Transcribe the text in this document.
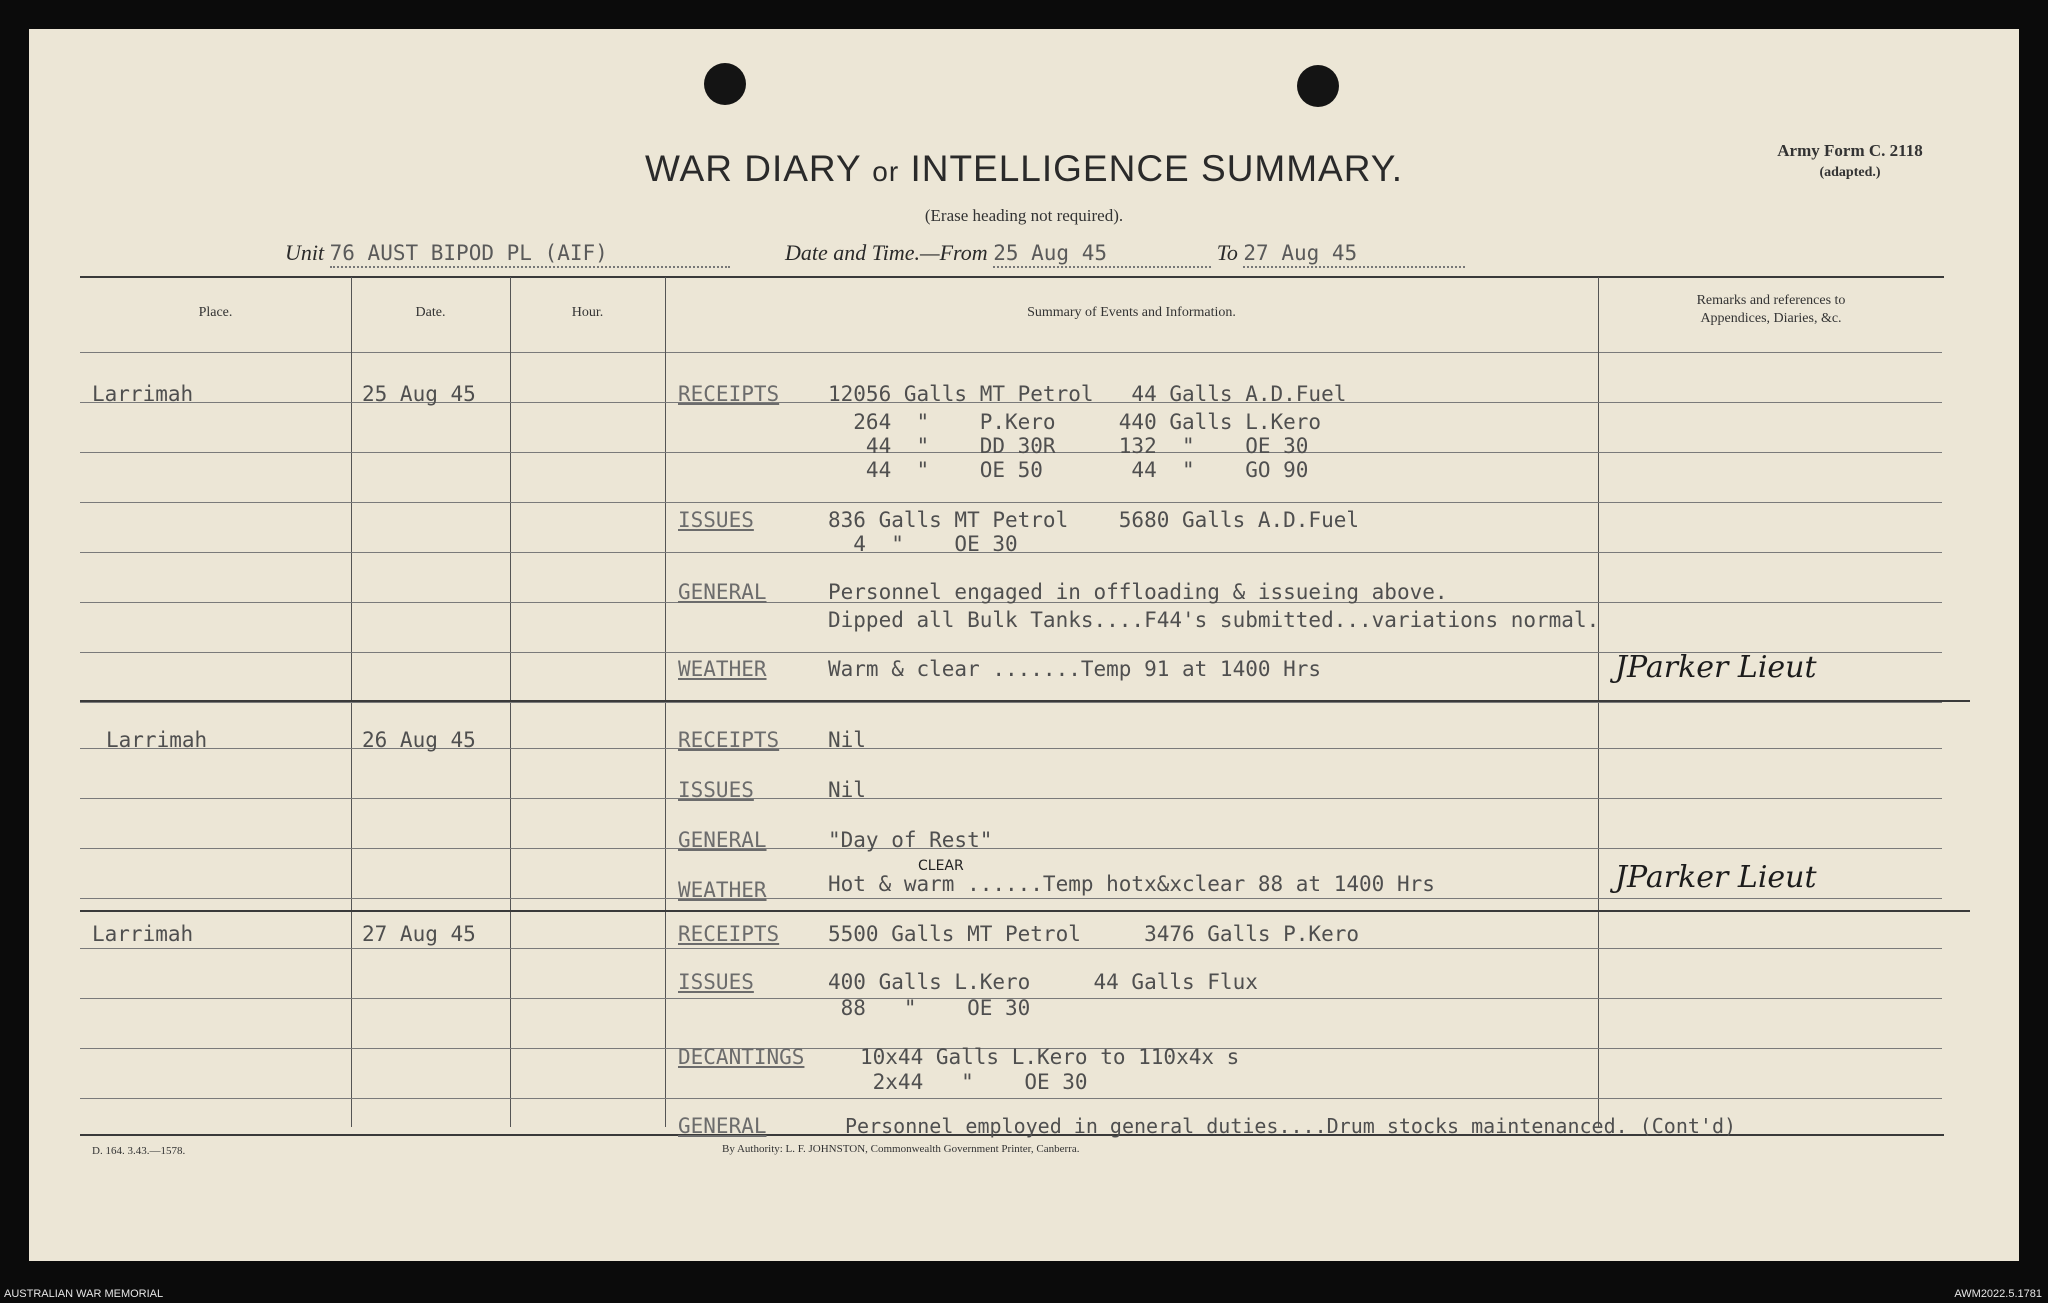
WAR DIARY or INTELLIGENCE SUMMARY.
(Erase heading not required).
Army Form C. 2118
(adapted.)
Unit 76 AUST BIPOD PL (AIF)	Date and Time.—From 25 Aug 45	To 27 Aug 45
Place.	Date.	Hour.	Summary of Events and Information.
Remarks and references to
Appendices, Diaries, &c.
Larrimah	25 Aug 45	RECEIPTS 12056 Galls MT Petrol   44 Galls A.D.Fuel
264  "    P.Kero     440 Galls L.Kero
44  "    DD 30R     132  "    OE 30
44  "    OE 50       44  "    GO 90
ISSUES	836 Galls MT Petrol    5680 Galls A.D.Fuel
4  "    OE 30
GENERAL	Personnel engaged in offloading & issueing above.
Dipped all Bulk Tanks....F44's submitted...variations normal.
WEATHER	Warm & clear .......Temp 91 at 1400 Hrs	JParker Lieut
Larrimah	26 Aug 45	RECEIPTS Nil
ISSUES	Nil
GENERAL	"Day of Rest"
CLEAR
WEATHER	Hot & warm ......Temp hotx&xclear 88 at 1400 Hrs	JParker Lieut
Larrimah	27 Aug 45	RECEIPTS 5500 Galls MT Petrol     3476 Galls P.Kero
ISSUES	400 Galls L.Kero     44 Galls Flux
88   "    OE 30
DECANTINGS	10x44 Galls L.Kero to 110x4x s
2x44   "    OE 30
GENERAL	Personnel employed in general duties....Drum stocks maintenanced. (Cont'd)
D. 164. 3.43.—1578.	By Authority: L. F. JOHNSTON, Commonwealth Government Printer, Canberra.
AUSTRALIAN WAR MEMORIAL	AWM2022.5.1781
